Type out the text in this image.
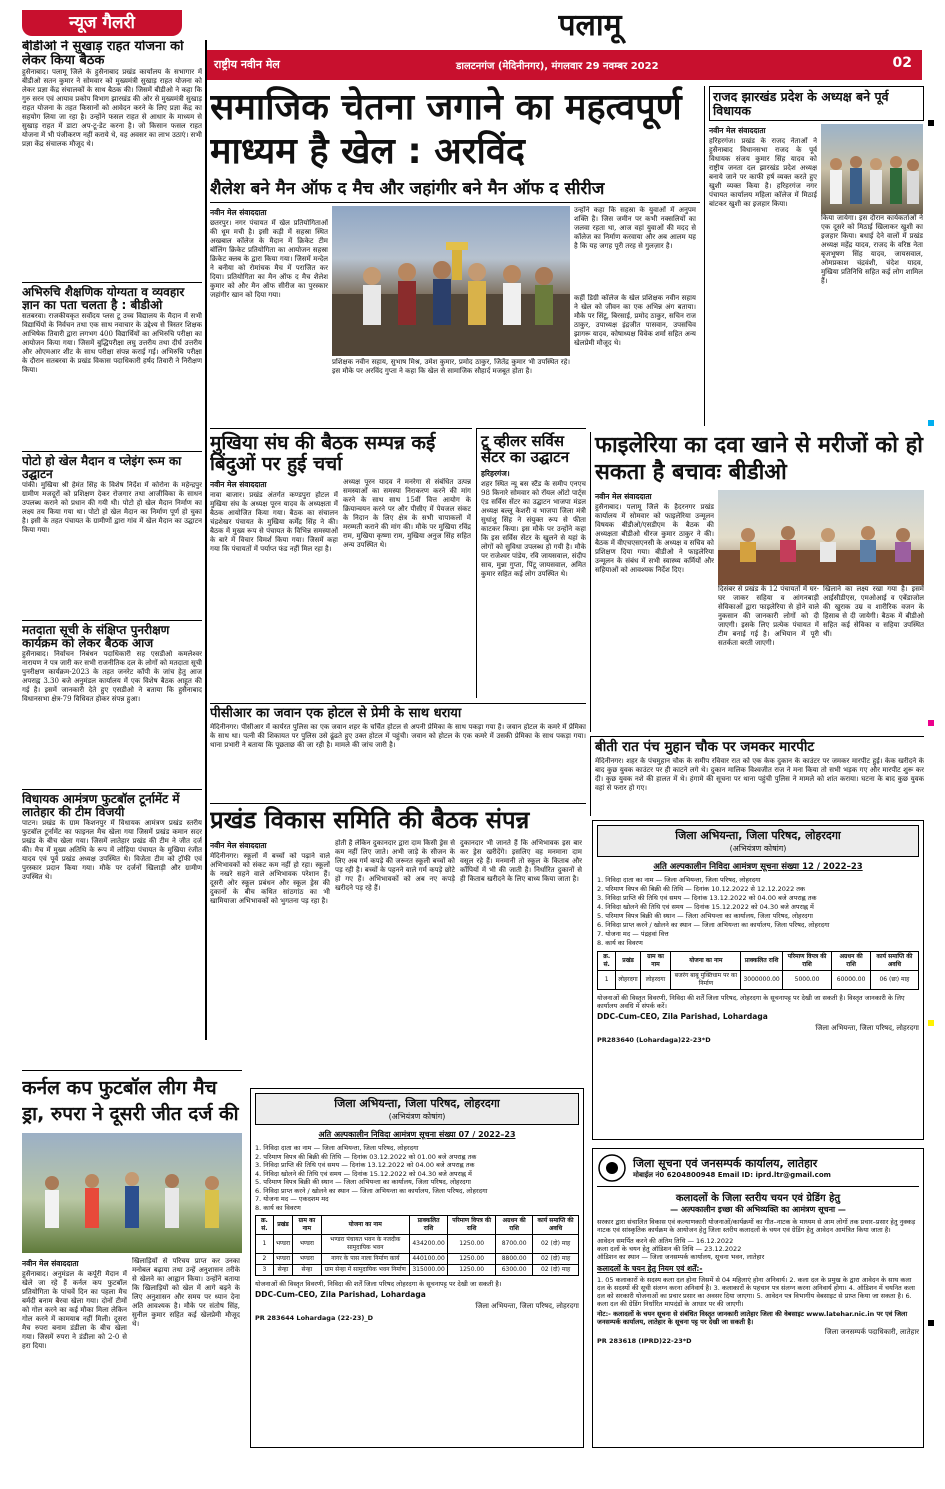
न्यूज गैलरी	पलामू
राष्ट्रीय नवीन मेल	डालटनगंज (मेदिनीनगर), मंगलवार 29 नवम्बर 2022	02
बीडीओ ने सुखाड़ राहत योजना को लेकर किया बैठक

हुसैनाबाद। पलामू जिले के हुसैनाबाद प्रखंड कार्यालय के सभागार में बीडीओ सतन कुमार ने सोमवार को मुख्यमंत्री सुखाड़ राहत योजना को लेकर प्रज्ञा केंद्र संचालकों के साथ बैठक की। जिसमें बीडीओ ने कहा कि गुरु सरन एवं आयाव प्रकोप विभाग झारखंड की ओर से मुख्यमंत्री सुखाड़ राहत योजना के तहत किसानों को आवेदन करने के लिए प्रज्ञा केंद्र का सहयोग लिया जा रहा है। उन्होंने फसल राहत से आधार के माध्यम से सुखाड़ राहत में डाटा अप-टू-डेट करना है। जो किसान फसल राहत योजना में भी पंजीकरण नहीं कराये थे, वह अवसर का लाभ उठाएं। सभी प्रज्ञा केंद्र संचालक मौजूद थे।

अभिरुचि शैक्षणिक योग्यता व व्यवहार ज्ञान का पता चलता है : बीडीओ

सतबरवा। राजकीयकृत सर्वोदय प्लस टू उच्च विद्यालय के मैदान में सभी विद्यार्थियों के निर्वचन तथा एक साथ नवाचार के उद्देश्य से त्रिस्तर शिक्षक आभिषेक तिवारी द्वारा लगभग 400 विद्यार्थियों का अभिरुचि परीक्षा का आयोजन किया गया। जिसमें बुद्धिपरीक्षा लघु उत्तरीय तथा दीर्घ उत्तरीय और ओएमआर शीट के साथ परीक्षा संपन्न कराई गई। अभिरुचि परीक्षा के दौरान सतबरवा के प्रखंड विकास पदाधिकारी हर्षद तिवारी ने निरीक्षण किया।

पोटो हो खेल मैदान व प्लेइंग रूम का उद्घाटन

पांकी। मुखिया श्री हेमंत सिंह के विशेष निर्देश में कोरोना के महेन्द्रपुर ग्रामीण मजदूरों को प्रशिक्षण देकर रोजगार तथा आजीविका के साधन उपलब्ध कराने को प्रधान की गयी थी। पोटो हो खेल मैदान निर्माण का लक्ष्य तय किया गया था। पोटो हो खेल मैदान का निर्माण पूर्ण हो चुका है। इसी के तहत पंचायत के ग्रामीणों द्वारा गांव में खेल मैदान का उद्घाटन किया गया।

मतदाता सूची के संक्षिप्त पुनरीक्षण कार्यक्रम को लेकर बैठक आज

हुसैनाबाद। निर्वाचन निबंधन पदाधिकारी सह एसडीओ कमलेश्वर नारायण ने पत्र जारी कर सभी राजनीतिक दल के लोगों को मतदाता सूची पुनरीक्षण कार्यक्रम-2023 के तहत जनरेट कॉपी के जांच हेतु आज अपराह्न 3.30 बजे अनुमंडल कार्यालय में एक विशेष बैठक आहूत की गई है। इसमें जानकारी देते हुए एसडीओ ने बताया कि हुसैनाबाद विधानसभा क्षेत्र-79 विधिवत होकर संपन्न हुआ।

विधायक आमंत्रण फुटबॉल टूर्नामेंट में लातेहार की टीम विजयी

पाटन। प्रखंड के ग्राम किशनपुर में विधायक आमंत्रण प्रखंड स्तरीय फुटबॉल टूर्नामेंट का फाइनल मैच खेला गया जिसमें प्रखंड कमान सदर प्रखंड के बीच खेला गया। जिसमें लातेहार प्रखंड की टीम ने जीत दर्ज की। मैच में मुख्य अतिथि के रूप में लोहिया पंचायत के मुखिया रंजीत यादव एवं पूर्व प्रखंड अध्यक्ष उपस्थित थे। विजेता टीम को ट्रॉफी एवं पुरस्कार प्रदान किया गया। मौके पर दर्जनों खिलाड़ी और ग्रामीण उपस्थित थे।

समाजिक चेतना जगाने का महत्वपूर्ण माध्यम है खेल : अरविंद
शैलेश बने मैन ऑफ द मैच और जहांगीर बने मैन ऑफ द सीरीज
नवीन मेल संवाददाता

छतरपुर। नगर पंचायत में खेल प्रतियोगिताओं की धूम मची है। इसी कड़ी में सहस्रा स्थित अखबाल कॉलेज के मैदान में क्रिकेट टीम बॉलिंग क्रिकेट प्रतियोगिता का आयोजन सहस्रा क्रिकेट क्लब के द्वारा किया गया। जिसमें मन्देल ने बनीया को रोमांचक मैच में पराजित कर दिया। प्रतियोगिता का मैन ऑफ द मैच शैलेश कुमार को और मैन ऑफ सीरीज का पुरस्कार जहांगीर खान को दिया गया।

प्रशिक्षक नवीन सहाय, सुभाष मिश्र, उमेश कुमार, प्रमोद ठाकुर, जितेंद्र कुमार भी उपस्थित रहे। इस मौके पर अरविंद गुप्ता ने कहा कि खेल से सामाजिक सौहार्द मजबूत होता है।

उन्होंने कहा कि सहस्रा के युवाओं में अनुपम शक्ति है। जिस जमीन पर कभी नक्सलियों का जलवा रहता था, आज वहां युवाओं की मदद से कॉलेज का निर्माण करवाया और अब आलम यह है कि यह जगह पूरी तरह से गुलज़ार है।

कहीं डिग्री कॉलेज के खेल प्रशिक्षक नवीन सहाय ने खेल को जीवन का एक अभिन्न अंग बताया। मौके पर सिंटू, बिरसाई, प्रमोद ठाकुर, सचिन राज ठाकुर, उपाध्यक्ष इंद्रजीत पासवान, उपसचिव झागरू यादव, कोषाध्यक्ष विवेक शर्मा सहित अन्य खेलप्रेमी मौजूद थे।

राजद झारखंड प्रदेश के अध्यक्ष बने पूर्व विधायक
नवीन मेल संवाददाता

हरिहरगंज। प्रखंड के राजद नेताओं ने हुसैनाबाद विधानसभा राजद के पूर्व विधायक संजय कुमार सिंह यादव को राष्ट्रीय जनता दल झारखंड प्रदेश अध्यक्ष बनाये जाने पर काफी हर्ष व्यक्त करते हुए खुशी व्यक्त किया है। हरिहरगंज नगर पंचायत कार्यालय महिला कॉलेज में मिठाई बांटकर खुशी का इजहार किया।

किया जायेगा। इस दौरान कार्यकर्ताओं ने एक दूसरे को मिठाई खिलाकर खुशी का इजहार किया। बधाई देने वालों में प्रखंड अध्यक्ष महेंद्र यादव, राजद के वरिष्ठ नेता बृजभूषण सिंह यादव, जायसवाल, ओमप्रकाश चंद्रवंशी, चंदेश यादव, मुखिया प्रतिनिधि सहित कई लोग शामिल हैं।

मुखिया संघ की बैठक सम्पन्न कई बिंदुओं पर हुई चर्चा
नवीन मेल संवाददाता

नावा बाजार। प्रखंड अंतर्गत कण्डपुरा होटल में मुखिया संघ के अध्यक्ष पूरन यादव के अध्यक्षता में बैठक आयोजित किया गया। बैठक का संचालन चंद्रशेखर पंचायत के मुखिया कर्मेंद्र सिंह ने की। बैठक में मुख्य रूप से पंचायत के विभिन्न समस्याओं के बारे में विचार विमर्श किया गया। जिसमें कहा गया कि पंचायतों में पर्याप्त फंड नहीं मिल रहा है।

अध्यक्ष पूरन यादव ने मनरेगा से संबंधित उत्पन्न समस्याओं का समस्या निराकरण करने की मांग करने के साथ साथ 15वीं वित्त आयोग के क्रियान्वयन करने पर और पीसीए में पेयजल संकट के निदान के लिए क्षेत्र के सभी चापाकलों में मरम्मती कराने की मांग की। मौके पर मुखिया रविंद्र राम, मुखिया कृष्णा राम, मुखिया अनुज सिंह सहित अन्य उपस्थित थे।

टू व्हीलर सर्विस सेंटर का उद्घाटन
हरिहरगंज।

शहर स्थित न्यू बस स्टैंड के समीप एनएच 98 किनारे सोमवार को रॉयल ऑटो पार्ट्स एंड सर्विस सेंटर का उद्घाटन भाजपा मंडल अध्यक्ष बल्लू केशरी व भाजपा जिला मंत्री सुधांशु सिंह ने संयुक्त रूप से फीता काटकर किया। इस मौके पर उन्होंने कहा कि इस सर्विस सेंटर के खुलने से यहां के लोगों को सुविधा उपलब्ध हो गयी है। मौके पर राजेश्वर पांडेय, रवि जायसवाल, संदीप साव, मुन्ना गुप्ता, पिंटू जायसवाल, अमित कुमार सहित कई लोग उपस्थित थे।

फाइलेरिया का दवा खाने से मरीजों को हो सकता है बचावः बीडीओ
नवीन मेल संवाददाता

हुसैनाबाद। पलामू जिले के हैदरनगर प्रखंड कार्यालय में सोमवार को फाइलेरिया उन्मूलन विषयक बीडीओ/एसडीएम के बैठक की अध्यक्षता बीडीओ धीरज कुमार ठाकुर ने की। बैठक में वीएचएसएनसी के अध्यक्ष व सचिव को प्रशिक्षण दिया गया। बीडीओ ने फाइलेरिया उन्मूलन के संबंध में सभी स्वास्थ्य कर्मियों और सहियाओं को आवश्यक निर्देश दिए।

दिसंबर से प्रखंड के 12 पंचायतों में घर-घर जाकर सहिया व आंगनबाड़ी सेविकाओं द्वारा फाइलेरिया से होने वाले नुकसान की जानकारी लोगों को दी जाएगी। इसके लिए प्रत्येक पंचायत में टीम बनाई गई है। अभियान में पूरी सतर्कता बरती जाएगी।

खिलाने का लक्ष्य रखा गया है। इसमें आईसीडीएस, एमओआई व एबेंडाजोल की खुराक उम्र व शारीरिक वजन के हिसाब से दी जायेगी। बैठक में बीडीओ सहित कई सेविका व सहिया उपस्थित थीं।

पीसीआर का जवान एक होटल से प्रेमी के साथ धराया

मेदिनीनगर। पीसीआर में कार्यरत पुलिस का एक जवान शहर के चर्चित होटल से अपनी प्रेमिका के साथ पकड़ा गया है। जवान होटल के कमरे में प्रेमिका के साथ था। पत्नी की शिकायत पर पुलिस उसे ढूंढते हुए उक्त होटल में पहुंची। जवान को होटल के एक कमरे में उसकी प्रेमिका के साथ पकड़ा गया। थाना प्रभारी ने बताया कि पूछताछ की जा रही है। मामले की जांच जारी है।	बीती रात पंच मुहान चौक पर जमकर मारपीट

मेदिनीनगर। शहर के पंचमुहान चौक के समीप रविवार रात को एक केक दुकान के काउंटर पर जमकर मारपीट हुई। केक खरीदने के बाद कुछ युवक काउंटर पर ही काटने लगे थे। दुकान मालिक विश्वजीत राज ने मना किया तो सभी भड़क गए और मारपीट शुरू कर दी। कुछ युवक नशे की हालत में थे। हंगामे की सूचना पर थाना पहुंची पुलिस ने मामले को शांत कराया। घटना के बाद कुछ युवक वहां से फरार हो गए।

प्रखंड विकास समिति की बैठक संपन्न
नवीन मेल संवाददाता

मेदिनीनगर। स्कूलों में बच्चों को पढ़ाने वाले अभिभावकों को संकट कम नहीं हो रहा। स्कूलों के नखरे सहने वाले अभिभावक परेशान हैं। दूसरी ओर स्कूल प्रबंधन और स्कूल ड्रेस की दुकानों के बीच कथित सांठगांठ का भी खामियाजा अभिभावकों को भुगतना पड़ रहा है।

होती है लेकिन दुकानदार द्वारा दाम किसी ड्रेस से कम नहीं लिए जाते। अभी जाड़े के सीजन के लिए अब गर्म कपड़े की जरूरत स्कूली बच्चों को पड़ रही है। बच्चों के पहनने वाले गर्म कपड़े छोटे हो गए हैं। अभिभावकों को अब नए कपड़े खरीदने पड़ रहे हैं।

दुकानदार भी जानते हैं कि अभिभावक इस बार कर ड्रेस खरीदेंगे। इसलिए वह मनमाना दाम वसूल रहे हैं। मनमानी तो स्कूल के किताब और कॉपियों में भी की जाती है। निर्धारित दुकानों से ही किताब खरीदने के लिए बाध्य किया जाता है।

जिला अभियन्ता, जिला परिषद, लोहरदगा
(अभियंत्रण कोषांग)
अति अल्पकालीन निविदा आमंत्रण सूचना संख्या 12 / 2022–23
1. निविदा दाता का नाम — जिला अभियन्ता, जिला परिषद, लोहरदगा
2. परिमाण विपत्र की बिक्री की तिथि — दिनांक 10.12.2022 से 12.12.2022 तक
3. निविदा प्राप्ति की तिथि एवं समय — दिनांक 13.12.2022 को 04.00 बजे अपराह्न तक
4. निविदा खोलने की तिथि एवं समय — दिनांक 15.12.2022 को 04.30 बजे अपराह्न में
5. परिमाण विपत्र बिक्री की स्थान — जिला अभियन्ता का कार्यालय, जिला परिषद, लोहरदगा
6. निविदा प्राप्त करने / खोलने का स्थान — जिला अभियन्ता का कार्यालय, जिला परिषद, लोहरदगा
7. योजना मद — पंद्रहवां वित्त
8. कार्य का विवरण
क्र. सं.	प्रखंड	ग्राम का नाम	योजना का नाम	प्राक्कलित राशि	परिमाण विपत्र की राशि	अग्रधन की राशि	कार्य समाप्ति की अवधि
1	लोहरदगा	लोहरदगा	बजरंग बाबू मुक्तिधाम पर का निर्माण	3000000.00	5000.00	60000.00	06 (छः) माह

योजनाओं की विस्तृत विवरणी, निविदा की शर्तें जिला परिषद, लोहरदगा के सूचनापट्ट पर देखी जा सकती है। विस्तृत जानकारी के लिए कार्यालय अवधि में संपर्क करें।

DDC-Cum-CEO, Zila Parishad, Lohardaga
जिला अभियन्ता, जिला परिषद, लोहरदगा
PR283640 (Lohardaga)22-23*D
कर्नल कप फुटबॉल लीग मैच ड्रा, रुपरा ने दूसरी जीत दर्ज की
नवीन मेल संवाददाता

हुसैनाबाद। अनुमंडल के कर्पूरी मैदान में खेले जा रहे हैं कर्नल कप फुटबॉल प्रतियोगिता के पांचवें दिन का पहला मैच बर्मदी बनाम बैरवा खेला गया। दोनों टीमों को गोल करने का कई मौका मिला लेकिन गोल करने में कामयाब नहीं मिली। दूसरा मैच रुपरा बनाम डंडीला के बीच खेला गया। जिसमें रुपरा ने डंडीला को 2-0 से हरा दिया।

खिलाड़ियों से परिचय प्राप्त कर उनका मनोबल बढ़ाया तथा उन्हें अनुशासन तरीके से खेलने का आह्वान किया। उन्होंने बताया कि खिलाड़ियों को खेल में आगे बढ़ने के लिए अनुशासन और समय पर ध्यान देना अति आवश्यक है। मौके पर संतोष सिंह, सुनील कुमार सहित कई खेलप्रेमी मौजूद थे।

जिला अभियन्ता, जिला परिषद, लोहरदगा
(अभियंत्रण कोषांग)
अति अल्पकालीन निविदा आमंत्रण सूचना संख्या 07 / 2022–23
1. निविदा दाता का नाम — जिला अभियन्ता, जिला परिषद, लोहरदगा
2. परिमाण विपत्र की बिक्री की तिथि — दिनांक 03.12.2022 को 01.00 बजे अपराह्न तक
3. निविदा प्राप्ति की तिथि एवं समय — दिनांक 13.12.2022 को 04.00 बजे अपराह्न तक
4. निविदा खोलने की तिथि एवं समय — दिनांक 15.12.2022 को 04.30 बजे अपराह्न में
5. परिमाण विपत्र बिक्री की स्थान — जिला अभियन्ता का कार्यालय, जिला परिषद, लोहरदगा
6. निविदा प्राप्त करने / खोलने का स्थान — जिला अभियन्ता का कार्यालय, जिला परिषद, लोहरदगा
7. योजना मद — एकदशम मद
8. कार्य का विवरण
क्र. सं.	प्रखंड	ग्राम का नाम	योजना का नाम	प्राक्कलित राशि	परिमाण विपत्र की राशि	अग्रधन की राशि	कार्य समाप्ति की अवधि
1	भण्डरा	भण्डरा	भण्डरा पंचायत भवन के नजदीक सामुदायिक भवन	434200.00	1250.00	8700.00	02 (दो) माह
2	भण्डरा	भण्डरा	नागर के पास नाला निर्माण कार्य	440100.00	1250.00	8800.00	02 (दो) माह
3	सेन्हा	सेन्हा	ग्राम सेन्हा में सामुदायिक भवन निर्माण	315000.00	1250.00	6300.00	02 (दो) माह

योजनाओं की विस्तृत विवरणी, निविदा की शर्तें जिला परिषद लोहरदगा के सूचनापट्ट पर देखी जा सकती है।

DDC-Cum-CEO, Zila Parishad, Lohardaga
जिला अभियन्ता, जिला परिषद, लोहरदगा
PR 283644 Lohardaga (22-23)_D
जिला सूचना एवं जनसम्पर्क कार्यालय, लातेहार
मोबाईल नं0 6204800948 Email ID: iprd.ltr@gmail.com
कलादलों के जिला स्तरीय चयन एवं ग्रेडिंग हेतु
— अल्पकालीन इच्छा की अभिव्यक्ति का आमंत्रण सूचना —

सरकार द्वारा संचालित विकास एवं कल्याणकारी योजनाओं/कार्यक्रमों का गीत–नाटक के माध्यम से आम लोगों तक प्रचार–प्रसार हेतु नुक्कड़ नाटक एवं सांस्कृतिक कार्यक्रम के आयोजन हेतु जिला स्तरीय कलादलों के चयन एवं ग्रेडिंग हेतु आवेदन आमंत्रित किया जाता है।

आवेदन समर्पित करने की अंतिम तिथि — 16.12.2022
कला दलों के चयन हेतु ऑडिशन की तिथि — 23.12.2022
ऑडिशन का स्थान — जिला जनसम्पर्क कार्यालय, सूचना भवन, लातेहार
कलादलों के चयन हेतु नियम एवं शर्तें:-

1. 05 कलाकारों के सदस्य कला दल होना जिसमें से 04 महिलाएं होना अनिवार्य। 2. कला दल के प्रमुख के द्वारा आवेदन के साथ कला दल के सदस्यों की सूची संलग्न करना अनिवार्य है। 3. कलाकारों के पहचान पत्र संलग्न करना अनिवार्य होगा। 4. ऑडिशन में चयनित कला दल को सरकारी योजनाओं का प्रचार प्रसार का अवसर दिया जाएगा। 5. आवेदन पत्र विभागीय वेबसाइट से प्राप्त किया जा सकता है। 6. कला दल की ग्रेडिंग निर्धारित मापदंडों के आधार पर की जाएगी।

नोट:- कलादलों के चयन सूचना से संबंधित विस्तृत जानकारी लातेहार जिला की वेबसाइट www.latehar.nic.in पर एवं जिला जनसम्पर्क कार्यालय, लातेहार के सूचना पट्ट पर देखी जा सकती है।

जिला जनसम्पर्क पदाधिकारी, लातेहार
PR 283618 (IPRD)22-23*D
